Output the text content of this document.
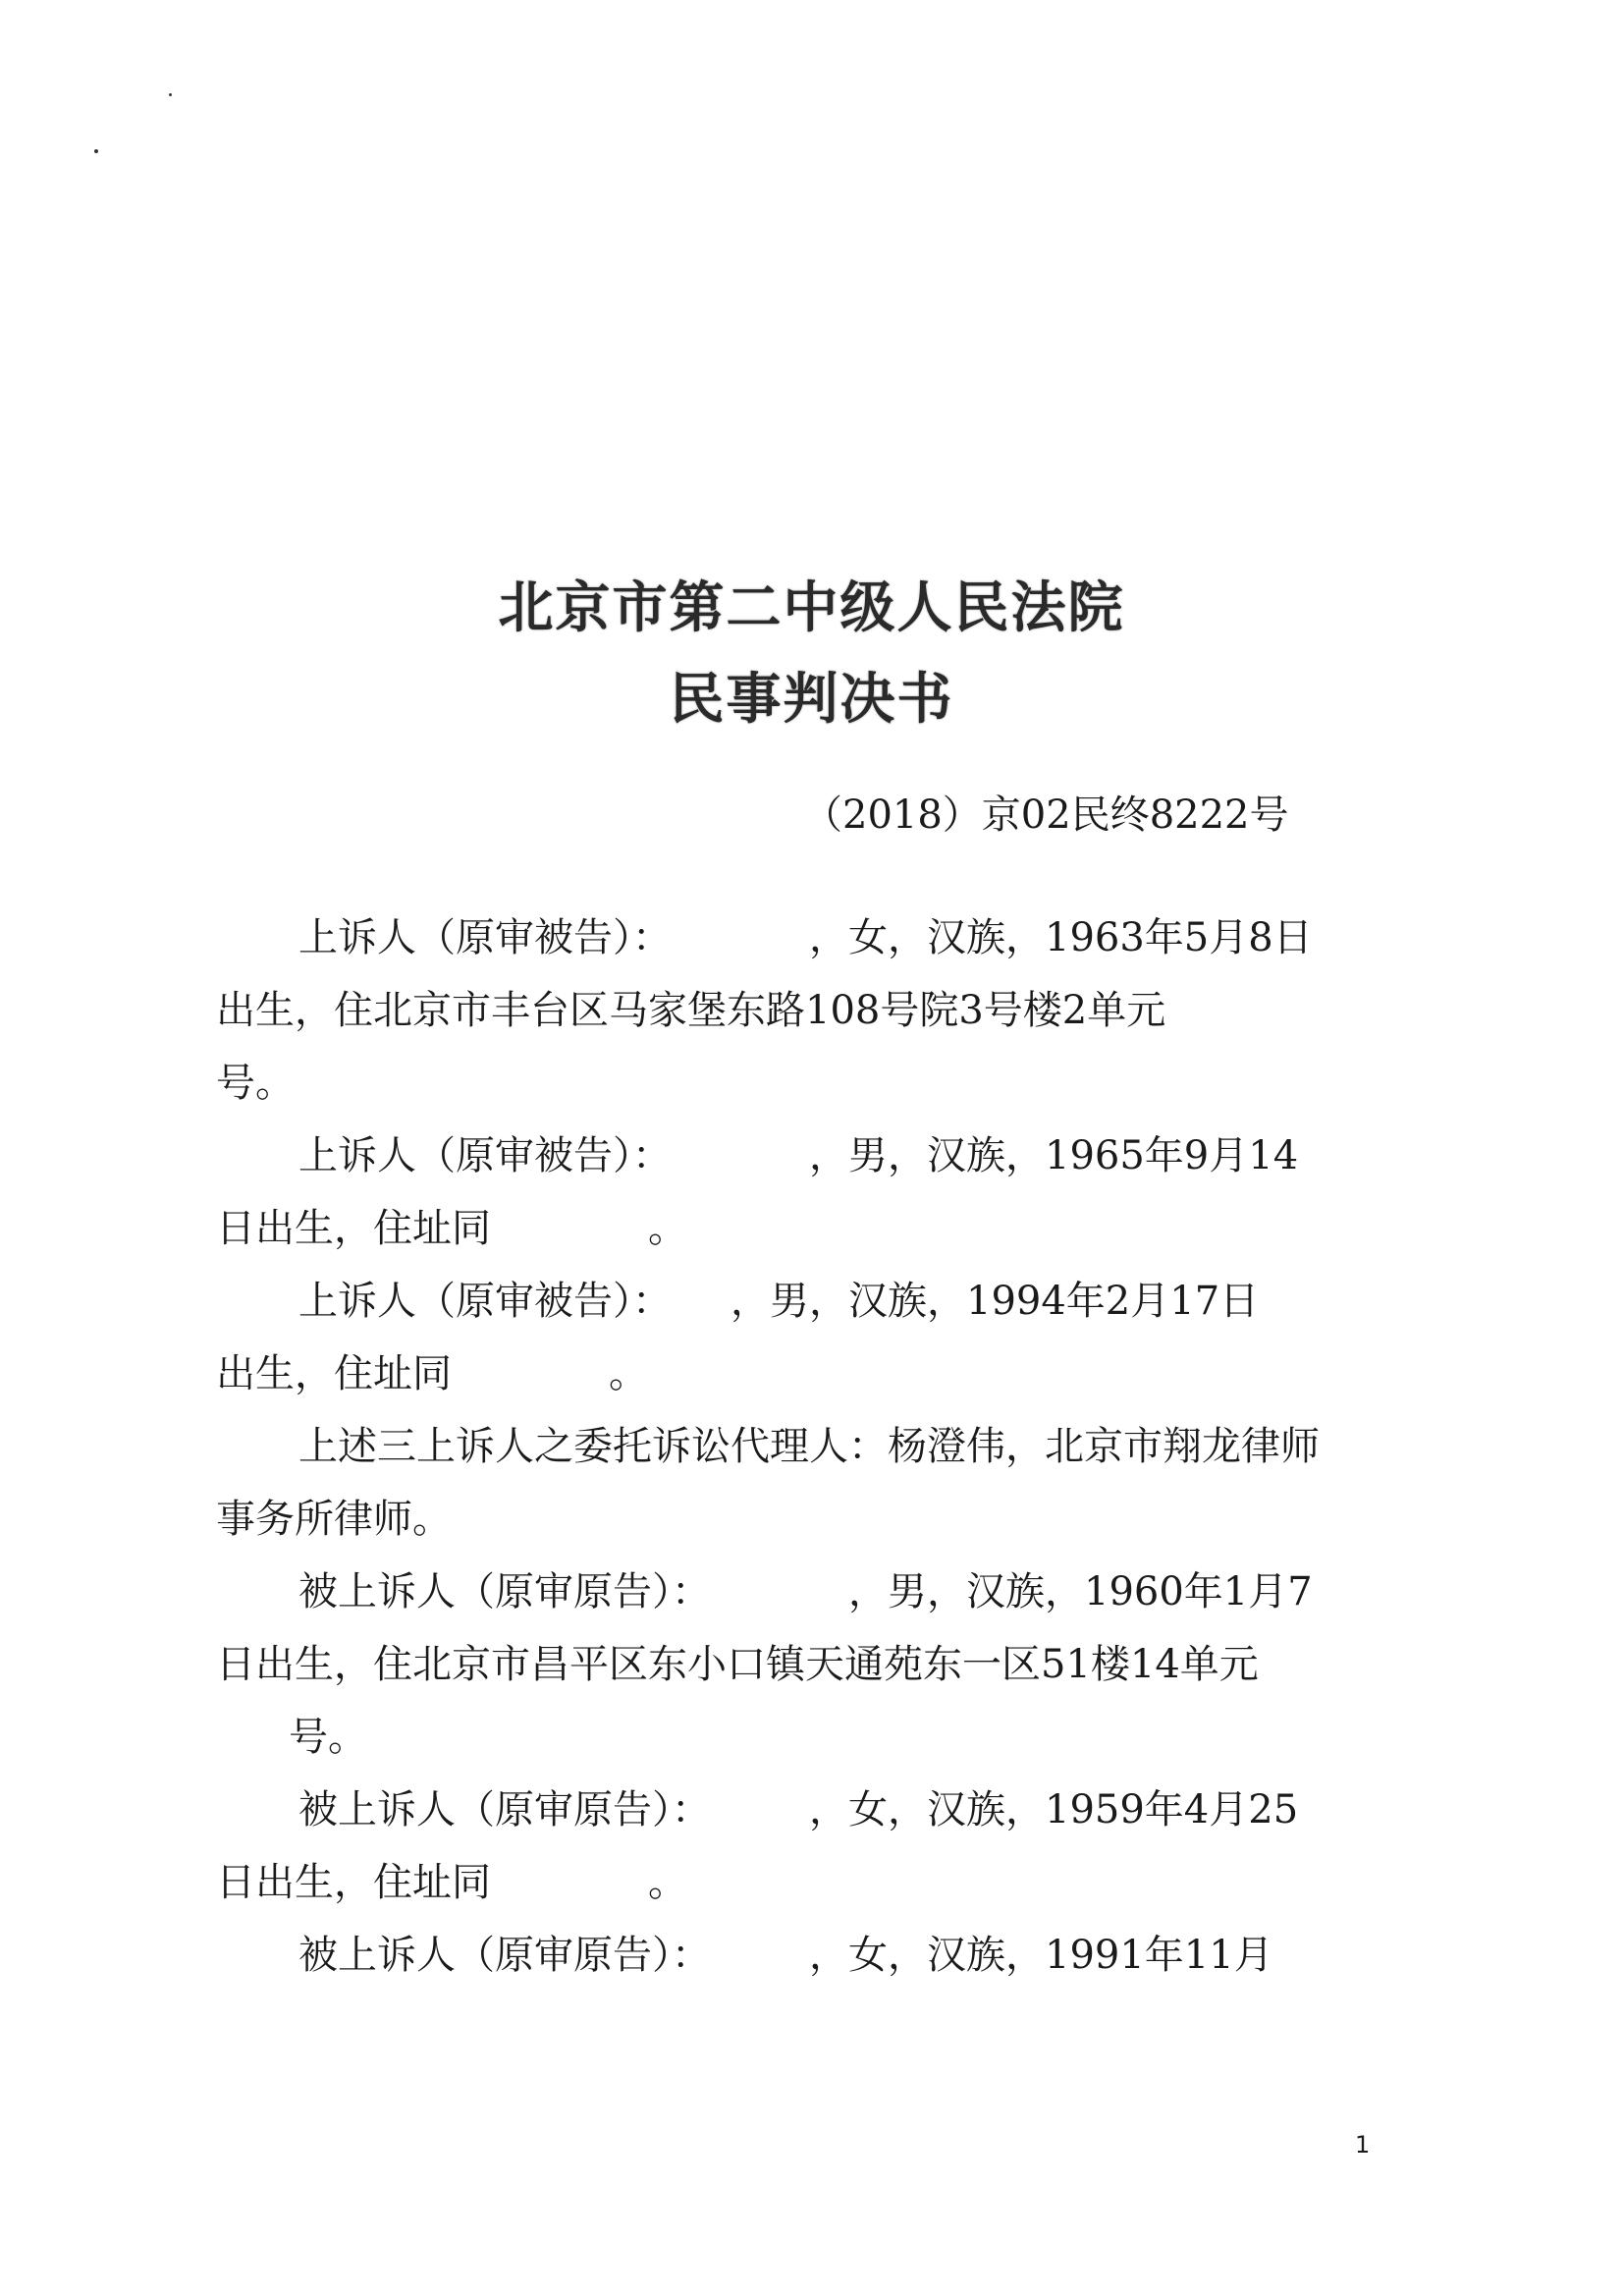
北京市第二中级人民法院
民事判决书
（2018）京02民终8222号

上诉人（原审被告）：　　　　，女，汉族，1963年5月8日
出生，住北京市丰台区马家堡东路108号院3号楼2单元
号。

上诉人（原审被告）：　　　　，男，汉族，1965年9月14
日出生，住址同　　　　。

上诉人（原审被告）：　　，男，汉族，1994年2月17日
出生，住址同　　　　。

上述三上诉人之委托诉讼代理人：杨澄伟，北京市翔龙律师
事务所律师。

被上诉人（原审原告）：　　　　，男，汉族，1960年1月7
日出生，住北京市昌平区东小口镇天通苑东一区51楼14单元
号。

被上诉人（原审原告）：　　　，女，汉族，1959年4月25
日出生，住址同　　　　。

被上诉人（原审原告）：　　　，女，汉族，1991年11月

1
